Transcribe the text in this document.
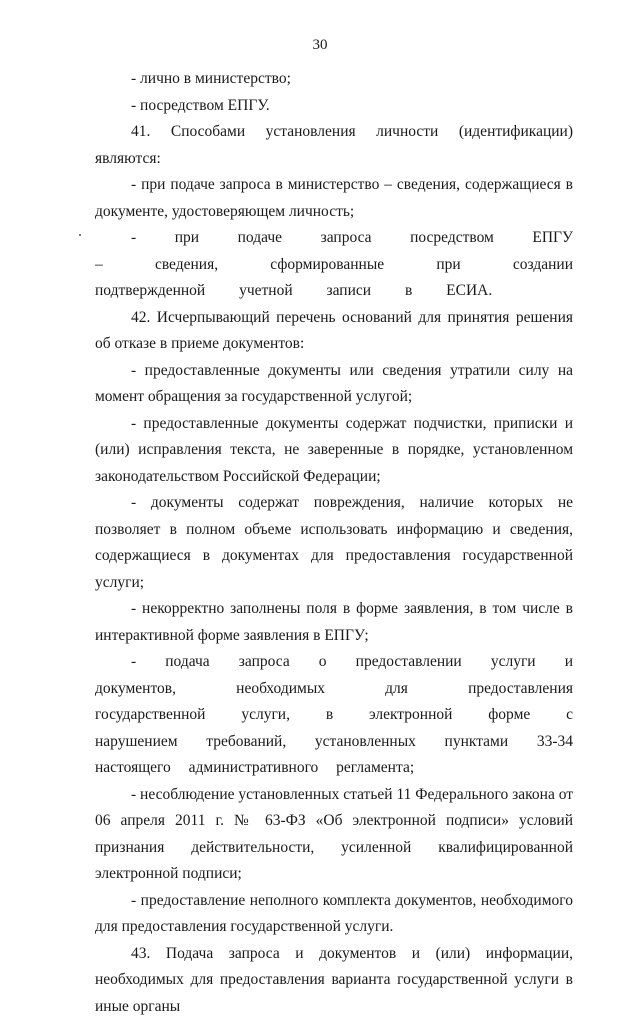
30

- лично в министерство;

- посредством ЕПГУ.

41. Способами установления личности (идентификации) являются:

- при подаче запроса в министерство – сведения, содержащиеся в документе, удостоверяющем личность;

- при подаче запроса посредством ЕПГУ – сведения, сформированные при создании подтвержденной учетной записи в ЕСИА.

42. Исчерпывающий перечень оснований для принятия решения об отказе в приеме документов:

- предоставленные документы или сведения утратили силу на момент обращения за государственной услугой;

- предоставленные документы содержат подчистки, приписки и (или) исправления текста, не заверенные в порядке, установленном законодательством Российской Федерации;

- документы содержат повреждения, наличие которых не позволяет в полном объеме использовать информацию и сведения, содержащиеся в документах для предоставления государственной услуги;

- некорректно заполнены поля в форме заявления, в том числе в интерактивной форме заявления в ЕПГУ;

- подача запроса о предоставлении услуги и документов, необходимых для предоставления государственной услуги, в электронной форме с нарушением требований, установленных пунктами 33-34 настоящего административного регламента;

- несоблюдение установленных статьей 11 Федерального закона от 06 апреля 2011 г. № 63-ФЗ «Об электронной подписи» условий признания действительности, усиленной квалифицированной электронной подписи;

- предоставление неполного комплекта документов, необходимого для предоставления государственной услуги.

43. Подача запроса и документов и (или) информации, необходимых для предоставления варианта государственной услуги в иные органы
